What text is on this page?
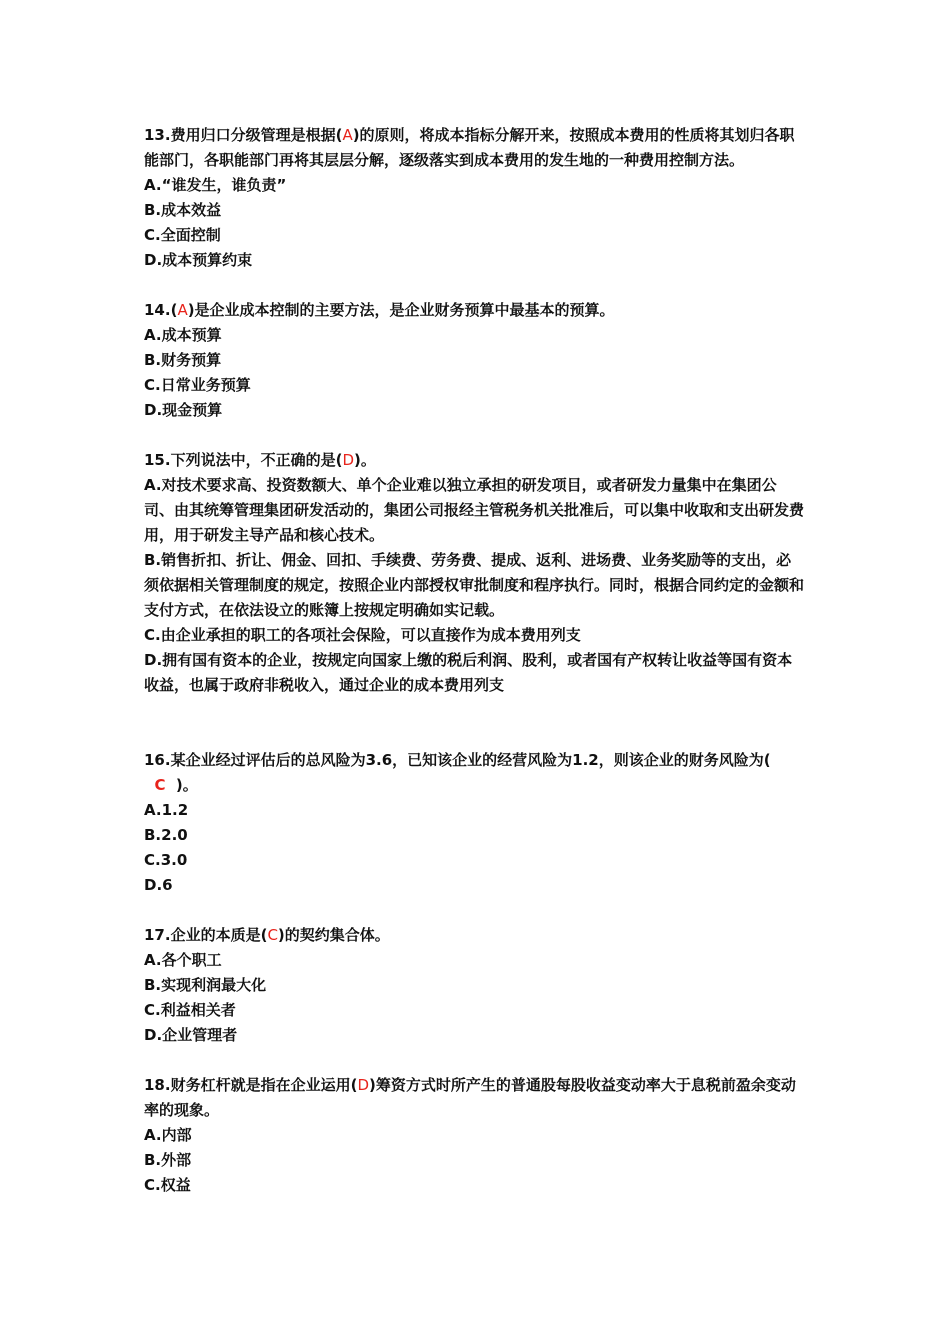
13.费用归口分级管理是根据(A)的原则，将成本指标分解开来，按照成本费用的性质将其划归各职能部门，各职能部门再将其层层分解，逐级落实到成本费用的发生地的一种费用控制方法。

A.“谁发生，谁负责”

B.成本效益

C.全面控制

D.成本预算约束

14.(A)是企业成本控制的主要方法，是企业财务预算中最基本的预算。

A.成本预算

B.财务预算

C.日常业务预算

D.现金预算

15.下列说法中，不正确的是(D)。

A.对技术要求高、投资数额大、单个企业难以独立承担的研发项目，或者研发力量集中在集团公司、由其统筹管理集团研发活动的，集团公司报经主管税务机关批准后，可以集中收取和支出研发费用，用于研发主导产品和核心技术。

B.销售折扣、折让、佣金、回扣、手续费、劳务费、提成、返利、进场费、业务奖励等的支出，必须依据相关管理制度的规定，按照企业内部授权审批制度和程序执行。同时，根据合同约定的金额和支付方式，在依法设立的账簿上按规定明确如实记载。

C.由企业承担的职工的各项社会保险，可以直接作为成本费用列支

D.拥有国有资本的企业，按规定向国家上缴的税后利润、股利，或者国有产权转让收益等国有资本收益，也属于政府非税收入，通过企业的成本费用列支

16.某企业经过评估后的总风险为3.6，已知该企业的经营风险为1.2，则该企业的财务风险为(  C  )。

A.1.2

B.2.0

C.3.0

D.6

17.企业的本质是(C)的契约集合体。

A.各个职工

B.实现利润最大化

C.利益相关者

D.企业管理者

18.财务杠杆就是指在企业运用(D)筹资方式时所产生的普通股每股收益变动率大于息税前盈余变动率的现象。

A.内部

B.外部

C.权益
